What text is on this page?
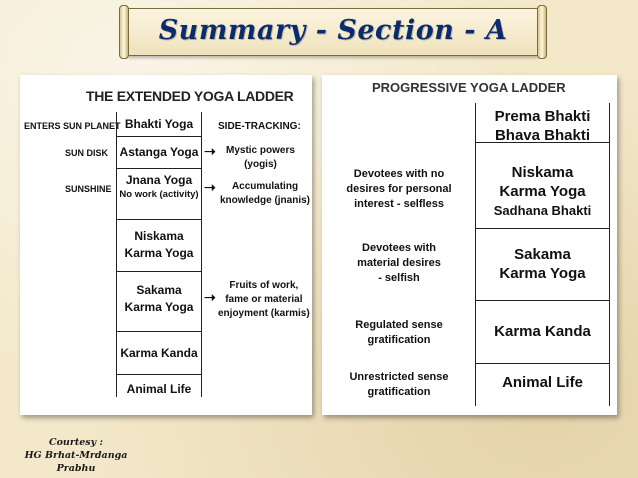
Summary - Section - A
THE EXTENDED YOGA LADDER
ENTERS SUN PLANET
SUN DISK
SUNSHINE
Bhakti Yoga
Astanga Yoga
Jnana Yoga
No work (activity)
Niskama
Karma Yoga
Sakama
Karma Yoga
Karma Kanda
Animal Life
SIDE-TRACKING:
➝ Mystic powers
(yogis)
➝	Accumulating
knowledge (jnanis)
➝
Fruits of work,
fame or material
enjoyment (karmis)
PROGRESSIVE YOGA LADDER
Devotees with no
desires for personal
interest - selfless
Devotees with
material desires
- selfish
Regulated sense
gratification
Unrestricted sense
gratification
Prema Bhakti
Bhava Bhakti
Niskama
Karma Yoga
Sadhana Bhakti
Sakama
Karma Yoga
Karma Kanda
Animal Life
Courtesy :
HG Brhat-Mrdanga Prabhu
